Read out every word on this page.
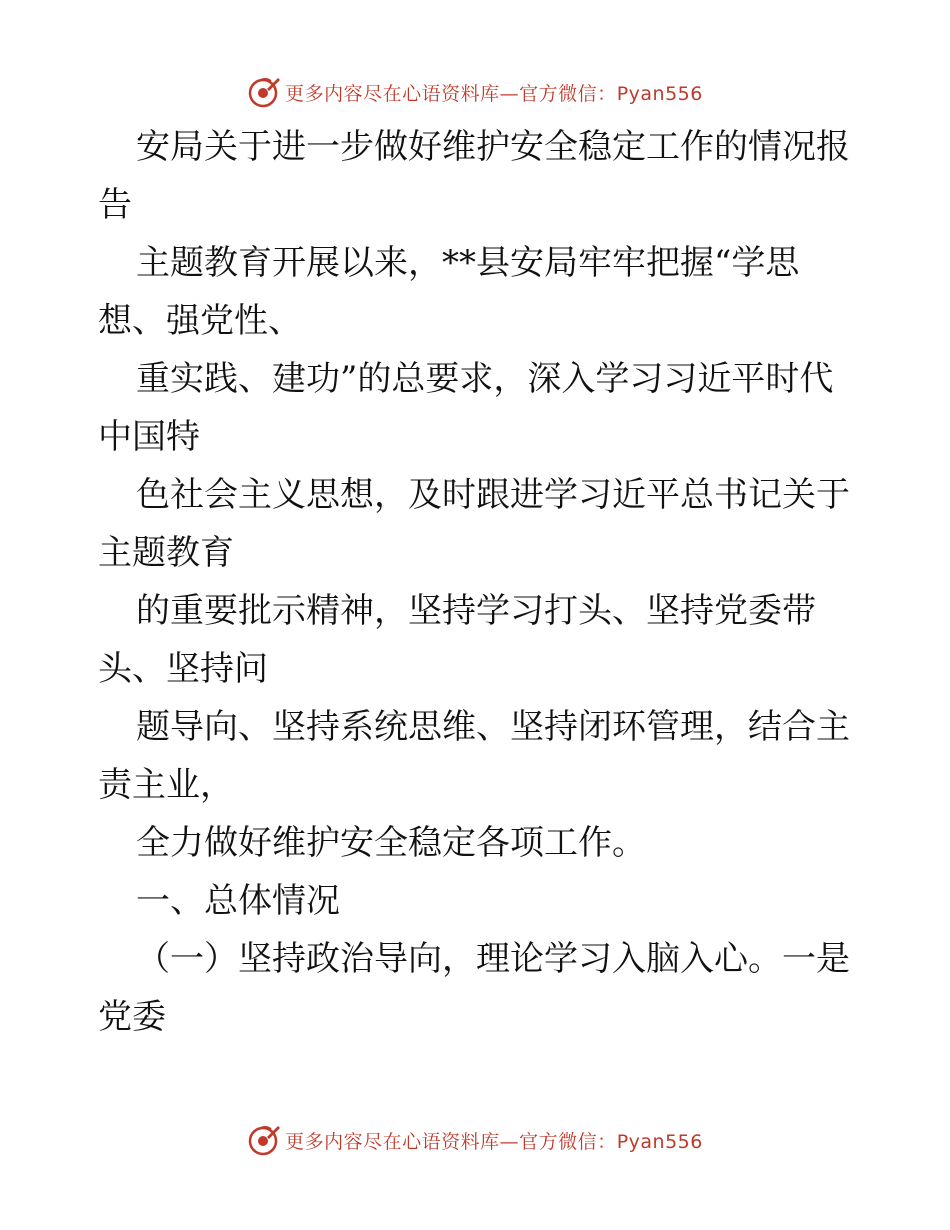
更多内容尽在心语资料库—官方微信：Pyan556
安局关于进一步做好维护安全稳定工作的情况报
告
主题教育开展以来，**县安局牢牢把握“学思
想、强党性、
重实践、建功”的总要求，深入学习习近平时代
中国特
色社会主义思想，及时跟进学习近平总书记关于
主题教育
的重要批示精神，坚持学习打头、坚持党委带
头、坚持问
题导向、坚持系统思维、坚持闭环管理，结合主
责主业，
全力做好维护安全稳定各项工作。
一、总体情况
（一）坚持政治导向，理论学习入脑入心。一是
党委
更多内容尽在心语资料库—官方微信：Pyan556
